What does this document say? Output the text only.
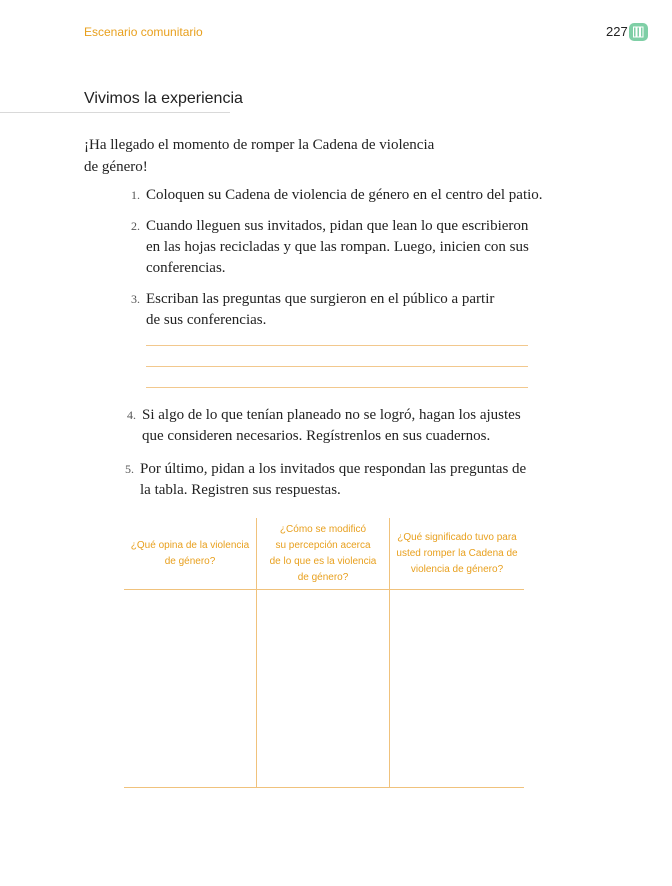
Escenario comunitario	227
Vivimos la experiencia
¡Ha llegado el momento de romper la Cadena de violencia
de género!
1. Coloquen su Cadena de violencia de género en el centro del patio.
2. Cuando lleguen sus invitados, pidan que lean lo que escribieron
en las hojas recicladas y que las rompan. Luego, inicien con sus
conferencias.
3. Escriban las preguntas que surgieron en el público a partir
de sus conferencias.
4. Si algo de lo que tenían planeado no se logró, hagan los ajustes
que consideren necesarios. Regístrenlos en sus cuadernos.
5. Por último, pidan a los invitados que respondan las preguntas de
la tabla. Registren sus respuestas.
¿Qué opina de la violencia
de género?
¿Cómo se modificó
su percepción acerca
de lo que es la violencia
de género?
¿Qué significado tuvo para
usted romper la Cadena de
violencia de género?
